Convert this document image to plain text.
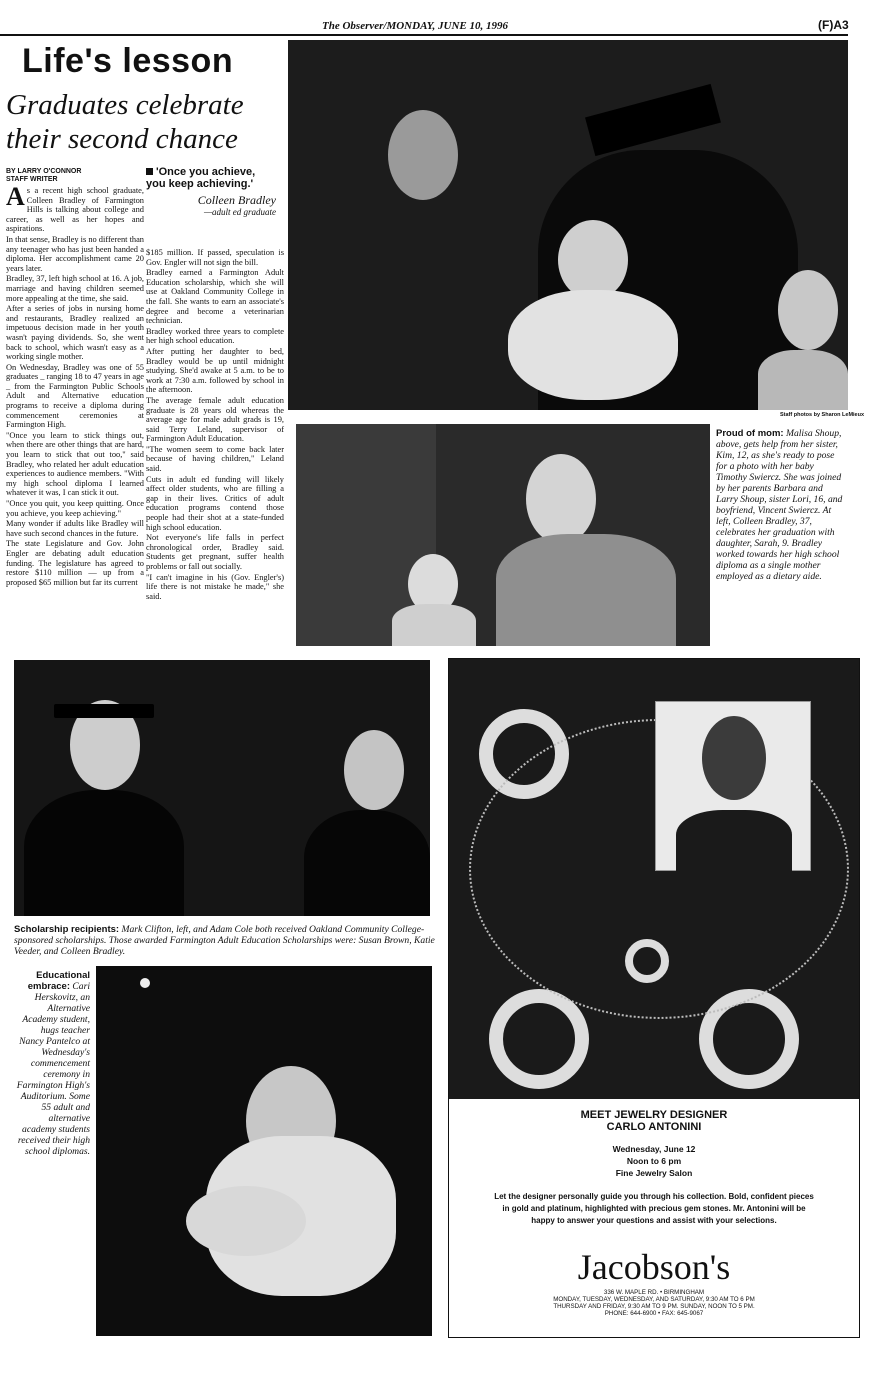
The Observer/MONDAY, JUNE 10, 1996	(F)A3
Life's lesson
Graduates celebrate their second chance
BY LARRY O'CONNOR
STAFF WRITER
'Once you achieve, you keep achieving.'
Colleen Bradley
—adult ed graduate

As a recent high school graduate, Colleen Bradley of Farmington Hills is talking about college and career, as well as her hopes and aspirations.

In that sense, Bradley is no different than any teenager who has just been handed a diploma. Her accomplishment came 20 years later.

Bradley, 37, left high school at 16. A job, marriage and having children seemed more appealing at the time, she said.

After a series of jobs in nursing home and restaurants, Bradley realized an impetuous decision made in her youth wasn't paying dividends. So, she went back to school, which wasn't easy as a working single mother.

On Wednesday, Bradley was one of 55 graduates _ ranging 18 to 47 years in age _ from the Farmington Public Schools Adult and Alternative education programs to receive a diploma during commencement ceremonies at Farmington High.

"Once you learn to stick things out, when there are other things that are hard, you learn to stick that out too," said Bradley, who related her adult education experiences to audience members. "With my high school diploma I learned whatever it was, I can stick it out.

"Once you quit, you keep quitting. Once you achieve, you keep achieving."

Many wonder if adults like Bradley will have such second chances in the future.

The state Legislature and Gov. John Engler are debating adult education funding. The legislature has agreed to restore $110 million — up from a proposed $65 million but far its current

$185 million. If passed, speculation is Gov. Engler will not sign the bill.

Bradley earned a Farmington Adult Education scholarship, which she will use at Oakland Community College in the fall. She wants to earn an associate's degree and become a veterinarian technician.

Bradley worked three years to complete her high school education.

After putting her daughter to bed, Bradley would be up until midnight studying. She'd awake at 5 a.m. to be to work at 7:30 a.m. followed by school in the afternoon.

The average female adult education graduate is 28 years old whereas the average age for male adult grads is 19, said Terry Leland, supervisor of Farmington Adult Education.

"The women seem to come back later because of having children," Leland said.

Cuts in adult ed funding will likely affect older students, who are filling a gap in their lives. Critics of adult education programs contend those people had their shot at a state-funded high school education.

Not everyone's life falls in perfect chronological order, Bradley said. Students get pregnant, suffer health problems or fall out socially.

"I can't imagine in his (Gov. Engler's) life there is not mistake he made," she said.

Staff photos by Sharon LeMieux
Proud of mom: Malisa Shoup, above, gets help from her sister, Kim, 12, as she's ready to pose for a photo with her baby Timothy Swiercz. She was joined by her parents Barbara and Larry Shoup, sister Lori, 16, and boyfriend, Vincent Swiercz. At left, Colleen Bradley, 37, celebrates her graduation with daughter, Sarah, 9. Bradley worked towards her high school diploma as a single mother employed as a dietary aide.
Scholarship recipients: Mark Clifton, left, and Adam Cole both received Oakland Community College-sponsored scholarships. Those awarded Farmington Adult Education Scholarships were: Susan Brown, Katie Veeder, and Colleen Bradley.
Educational embrace: Cari Herskovitz, an Alternative Academy student, hugs teacher Nancy Pantelco at Wednesday's commencement ceremony in Farmington High's Auditorium. Some 55 adult and alternative academy students received their high school diplomas.
MEET JEWELRY DESIGNER
CARLO ANTONINI
Wednesday, June 12
Noon to 6 pm
Fine Jewelry Salon
Let the designer personally guide you through his collection. Bold, confident pieces in gold and platinum, highlighted with precious gem stones. Mr. Antonini will be happy to answer your questions and assist with your selections.
Jacobson's
336 W. MAPLE RD. • BIRMINGHAM
MONDAY, TUESDAY, WEDNESDAY, AND SATURDAY, 9:30 AM TO 6 PM
THURSDAY AND FRIDAY, 9:30 AM TO 9 PM. SUNDAY, NOON TO 5 PM.
PHONE: 644-6900 • FAX: 645-9067
